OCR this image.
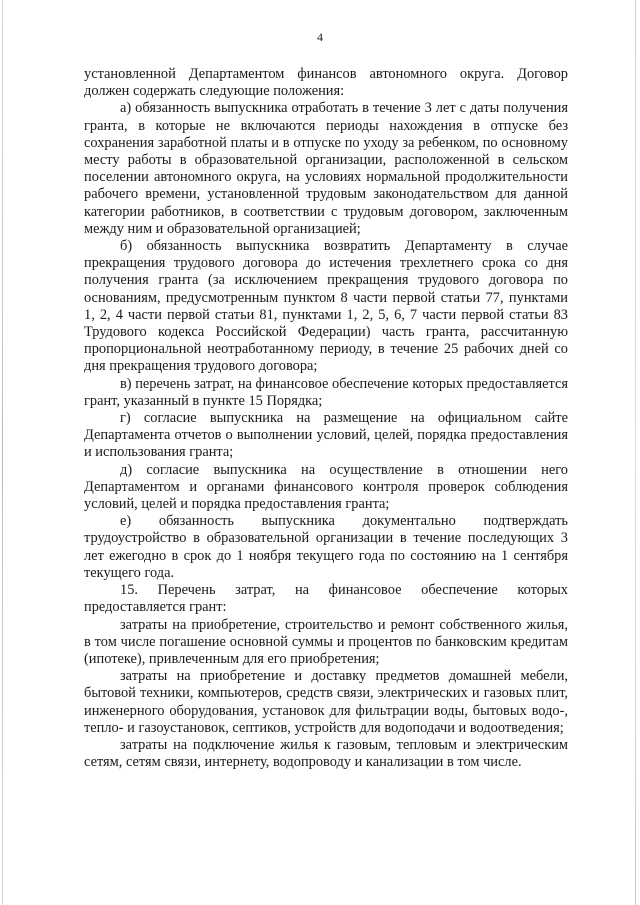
4

установленной Департаментом финансов автономного округа. Договор должен содержать следующие положения:

а) обязанность выпускника отработать в течение 3 лет с даты получения гранта, в которые не включаются периоды нахождения в отпуске без сохранения заработной платы и в отпуске по уходу за ребенком, по основному месту работы в образовательной организации, расположенной в сельском поселении автономного округа, на условиях нормальной продолжительности рабочего времени, установленной трудовым законодательством для данной категории работников, в соответствии с трудовым договором, заключенным между ним и образовательной организацией;

б) обязанность выпускника возвратить Департаменту в случае прекращения трудового договора до истечения трехлетнего срока со дня получения гранта (за исключением прекращения трудового договора по основаниям, предусмотренным пунктом 8 части первой статьи 77, пунктами 1, 2, 4 части первой статьи 81, пунктами 1, 2, 5, 6, 7 части первой статьи 83 Трудового кодекса Российской Федерации) часть гранта, рассчитанную пропорциональной неотработанному периоду, в течение 25 рабочих дней со дня прекращения трудового договора;

в) перечень затрат, на финансовое обеспечение которых предоставляется грант, указанный в пункте 15 Порядка;

г) согласие выпускника на размещение на официальном сайте Департамента отчетов о выполнении условий, целей, порядка предоставления и использования гранта;

д) согласие выпускника на осуществление в отношении него Департаментом и органами финансового контроля проверок соблюдения условий, целей и порядка предоставления гранта;

е) обязанность выпускника документально подтверждать трудоустройство в образовательной организации в течение последующих 3 лет ежегодно в срок до 1 ноября текущего года по состоянию на 1 сентября текущего года.

15. Перечень затрат, на финансовое обеспечение которых предоставляется грант:

затраты на приобретение, строительство и ремонт собственного жилья, в том числе погашение основной суммы и процентов по банковским кредитам (ипотеке), привлеченным для его приобретения;

затраты на приобретение и доставку предметов домашней мебели, бытовой техники, компьютеров, средств связи, электрических и газовых плит, инженерного оборудования, установок для фильтрации воды, бытовых водо-, тепло- и газоустановок, септиков, устройств для водоподачи и водоотведения;

затраты на подключение жилья к газовым, тепловым и электрическим сетям, сетям связи, интернету, водопроводу и канализации в том числе.
